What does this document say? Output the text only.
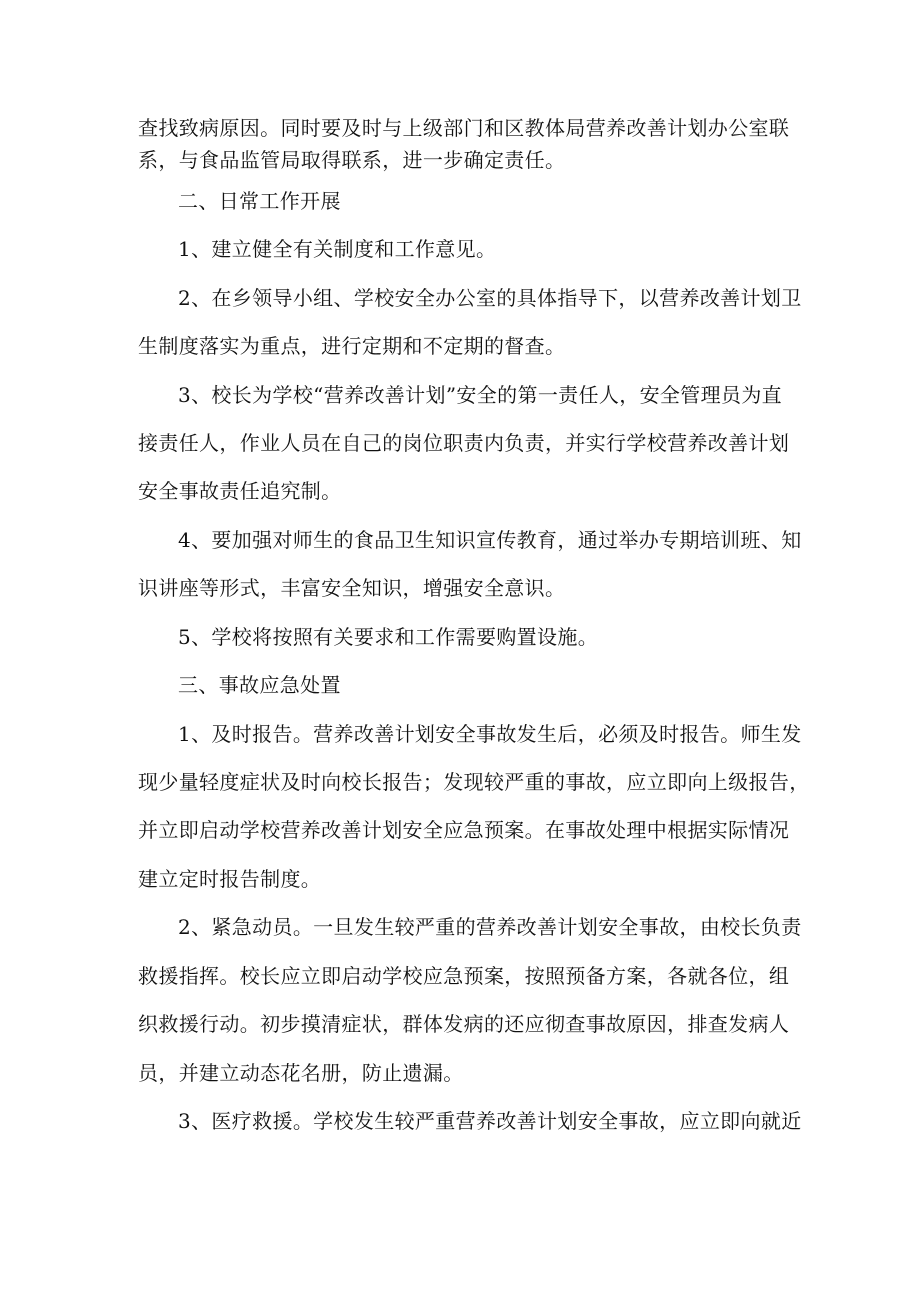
查找致病原因。同时要及时与上级部门和区教体局营养改善计划办公室联
系，与食品监管局取得联系，进一步确定责任。
二、日常工作开展
1、建立健全有关制度和工作意见。
2、在乡领导小组、学校安全办公室的具体指导下，以营养改善计划卫
生制度落实为重点，进行定期和不定期的督查。
3、校长为学校“营养改善计划”安全的第一责任人，安全管理员为直
接责任人，作业人员在自己的岗位职责内负责，并实行学校营养改善计划
安全事故责任追究制。
4、要加强对师生的食品卫生知识宣传教育，通过举办专期培训班、知
识讲座等形式，丰富安全知识，增强安全意识。
5、学校将按照有关要求和工作需要购置设施。
三、事故应急处置
1、及时报告。营养改善计划安全事故发生后，必须及时报告。师生发
现少量轻度症状及时向校长报告；发现较严重的事故，应立即向上级报告，
并立即启动学校营养改善计划安全应急预案。在事故处理中根据实际情况
建立定时报告制度。
2、紧急动员。一旦发生较严重的营养改善计划安全事故，由校长负责
救援指挥。校长应立即启动学校应急预案，按照预备方案，各就各位，组
织救援行动。初步摸清症状，群体发病的还应彻查事故原因，排查发病人
员，并建立动态花名册，防止遗漏。
3、医疗救援。学校发生较严重营养改善计划安全事故，应立即向就近
